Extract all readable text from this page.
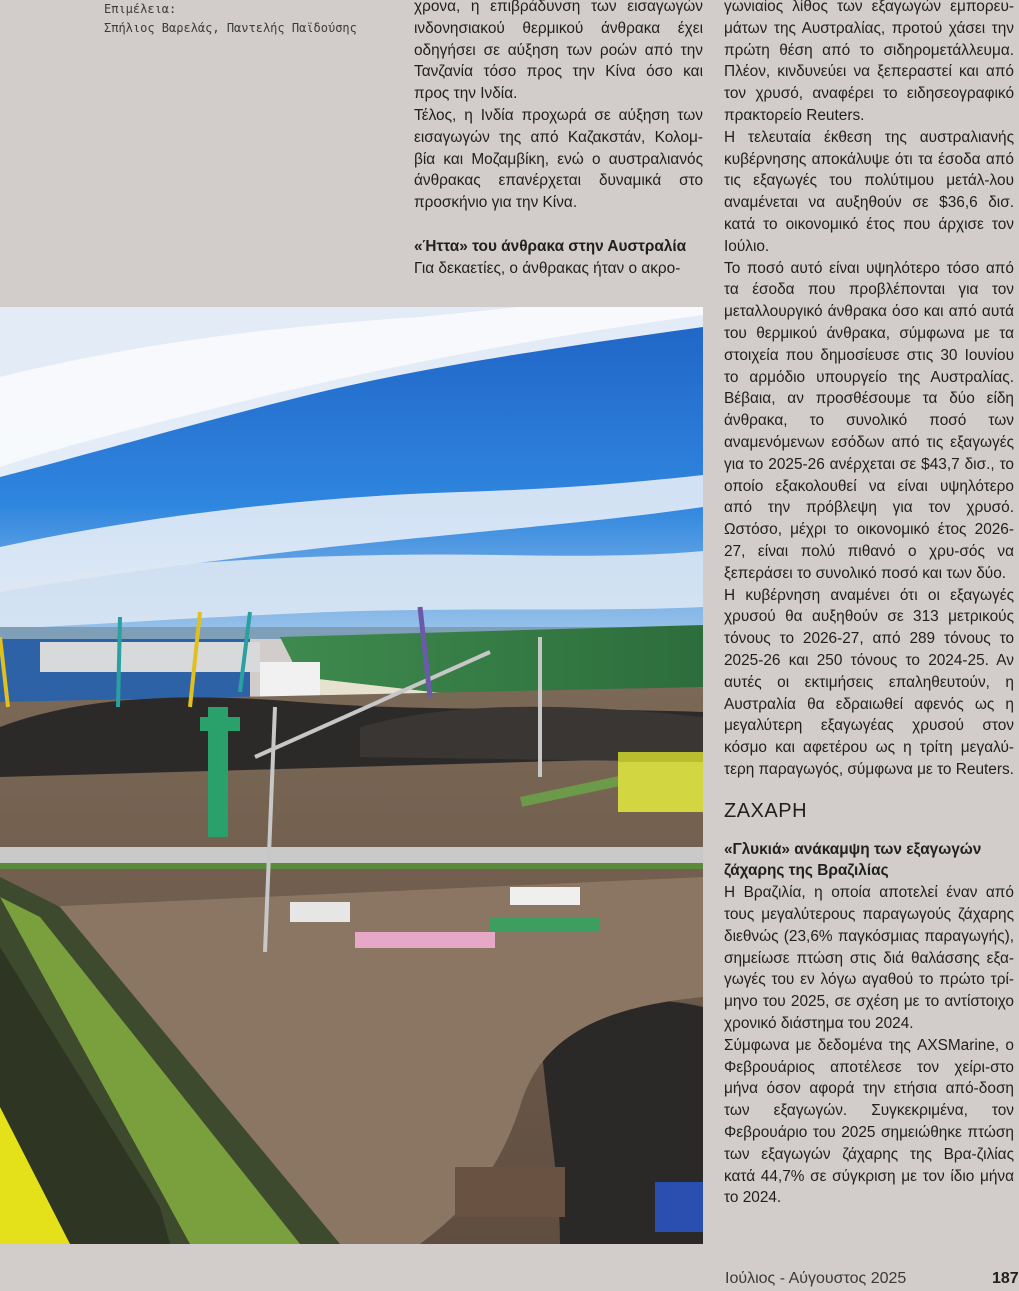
Επιμέλεια:
Σπήλιος Βαρελάς, Παντελής Παϊδούσης

χρονα, η επιβράδυνση των εισαγωγών ινδονησιακού θερμικού άνθρακα έχει οδηγήσει σε αύξηση των ροών από την Τανζανία τόσο προς την Κίνα όσο και προς την Ινδία.

Τέλος, η Ινδία προχωρά σε αύξηση των εισαγωγών της από Καζακστάν, Κολομ-βία και Μοζαμβίκη, ενώ ο αυστραλιανός άνθρακας επανέρχεται δυναμικά στο προσκήνιο για την Κίνα.

«Ήττα» του άνθρακα στην Αυστραλία

Για δεκαετίες, ο άνθρακας ήταν ο ακρο-

γωνιαίος λίθος των εξαγωγών εμπορευ-μάτων της Αυστραλίας, προτού χάσει την πρώτη θέση από το σιδηρομετάλλευμα. Πλέον, κινδυνεύει να ξεπεραστεί και από τον χρυσό, αναφέρει το ειδησεογραφικό πρακτορείο Reuters.

Η τελευταία έκθεση της αυστραλιανής κυβέρνησης αποκάλυψε ότι τα έσοδα από τις εξαγωγές του πολύτιμου μετάλ-λου αναμένεται να αυξηθούν σε $36,6 δισ. κατά το οικονομικό έτος που άρχισε τον Ιούλιο.

Το ποσό αυτό είναι υψηλότερο τόσο από τα έσοδα που προβλέπονται για τον μεταλλουργικό άνθρακα όσο και από αυτά του θερμικού άνθρακα, σύμφωνα με τα στοιχεία που δημοσίευσε στις 30 Ιουνίου το αρμόδιο υπουργείο της Αυστραλίας. Βέβαια, αν προσθέσουμε τα δύο είδη άνθρακα, το συνολικό ποσό των αναμενόμενων εσόδων από τις εξαγωγές για το 2025-26 ανέρχεται σε $43,7 δισ., το οποίο εξακολουθεί να είναι υψηλότερο από την πρόβλεψη για τον χρυσό. Ωστόσο, μέχρι το οικονομικό έτος 2026-27, είναι πολύ πιθανό ο χρυ-σός να ξεπεράσει το συνολικό ποσό και των δύο.

Η κυβέρνηση αναμένει ότι οι εξαγωγές χρυσού θα αυξηθούν σε 313 μετρικούς τόνους το 2026-27, από 289 τόνους το 2025-26 και 250 τόνους το 2024-25. Αν αυτές οι εκτιμήσεις επαληθευτούν, η Αυστραλία θα εδραιωθεί αφενός ως η μεγαλύτερη εξαγωγέας χρυσού στον κόσμο και αφετέρου ως η τρίτη μεγαλύ-τερη παραγωγός, σύμφωνα με το Reuters.

ΖΑΧΑΡΗ

«Γλυκιά» ανάκαμψη των εξαγωγών ζάχαρης της Βραζιλίας

Η Βραζιλία, η οποία αποτελεί έναν από τους μεγαλύτερους παραγωγούς ζάχαρης διεθνώς (23,6% παγκόσμιας παραγωγής), σημείωσε πτώση στις διά θαλάσσης εξα-γωγές του εν λόγω αγαθού το πρώτο τρί-μηνο του 2025, σε σχέση με το αντίστοιχο χρονικό διάστημα του 2024.

Σύμφωνα με δεδομένα της AXSMarine, ο Φεβρουάριος αποτέλεσε τον χείρι-στο μήνα όσον αφορά την ετήσια από-δοση των εξαγωγών. Συγκεκριμένα, τον Φεβρουάριο του 2025 σημειώθηκε πτώση των εξαγωγών ζάχαρης της Βρα-ζιλίας κατά 44,7% σε σύγκριση με τον ίδιο μήνα το 2024.

Ιούλιος - Αύγουστος 2025	187
